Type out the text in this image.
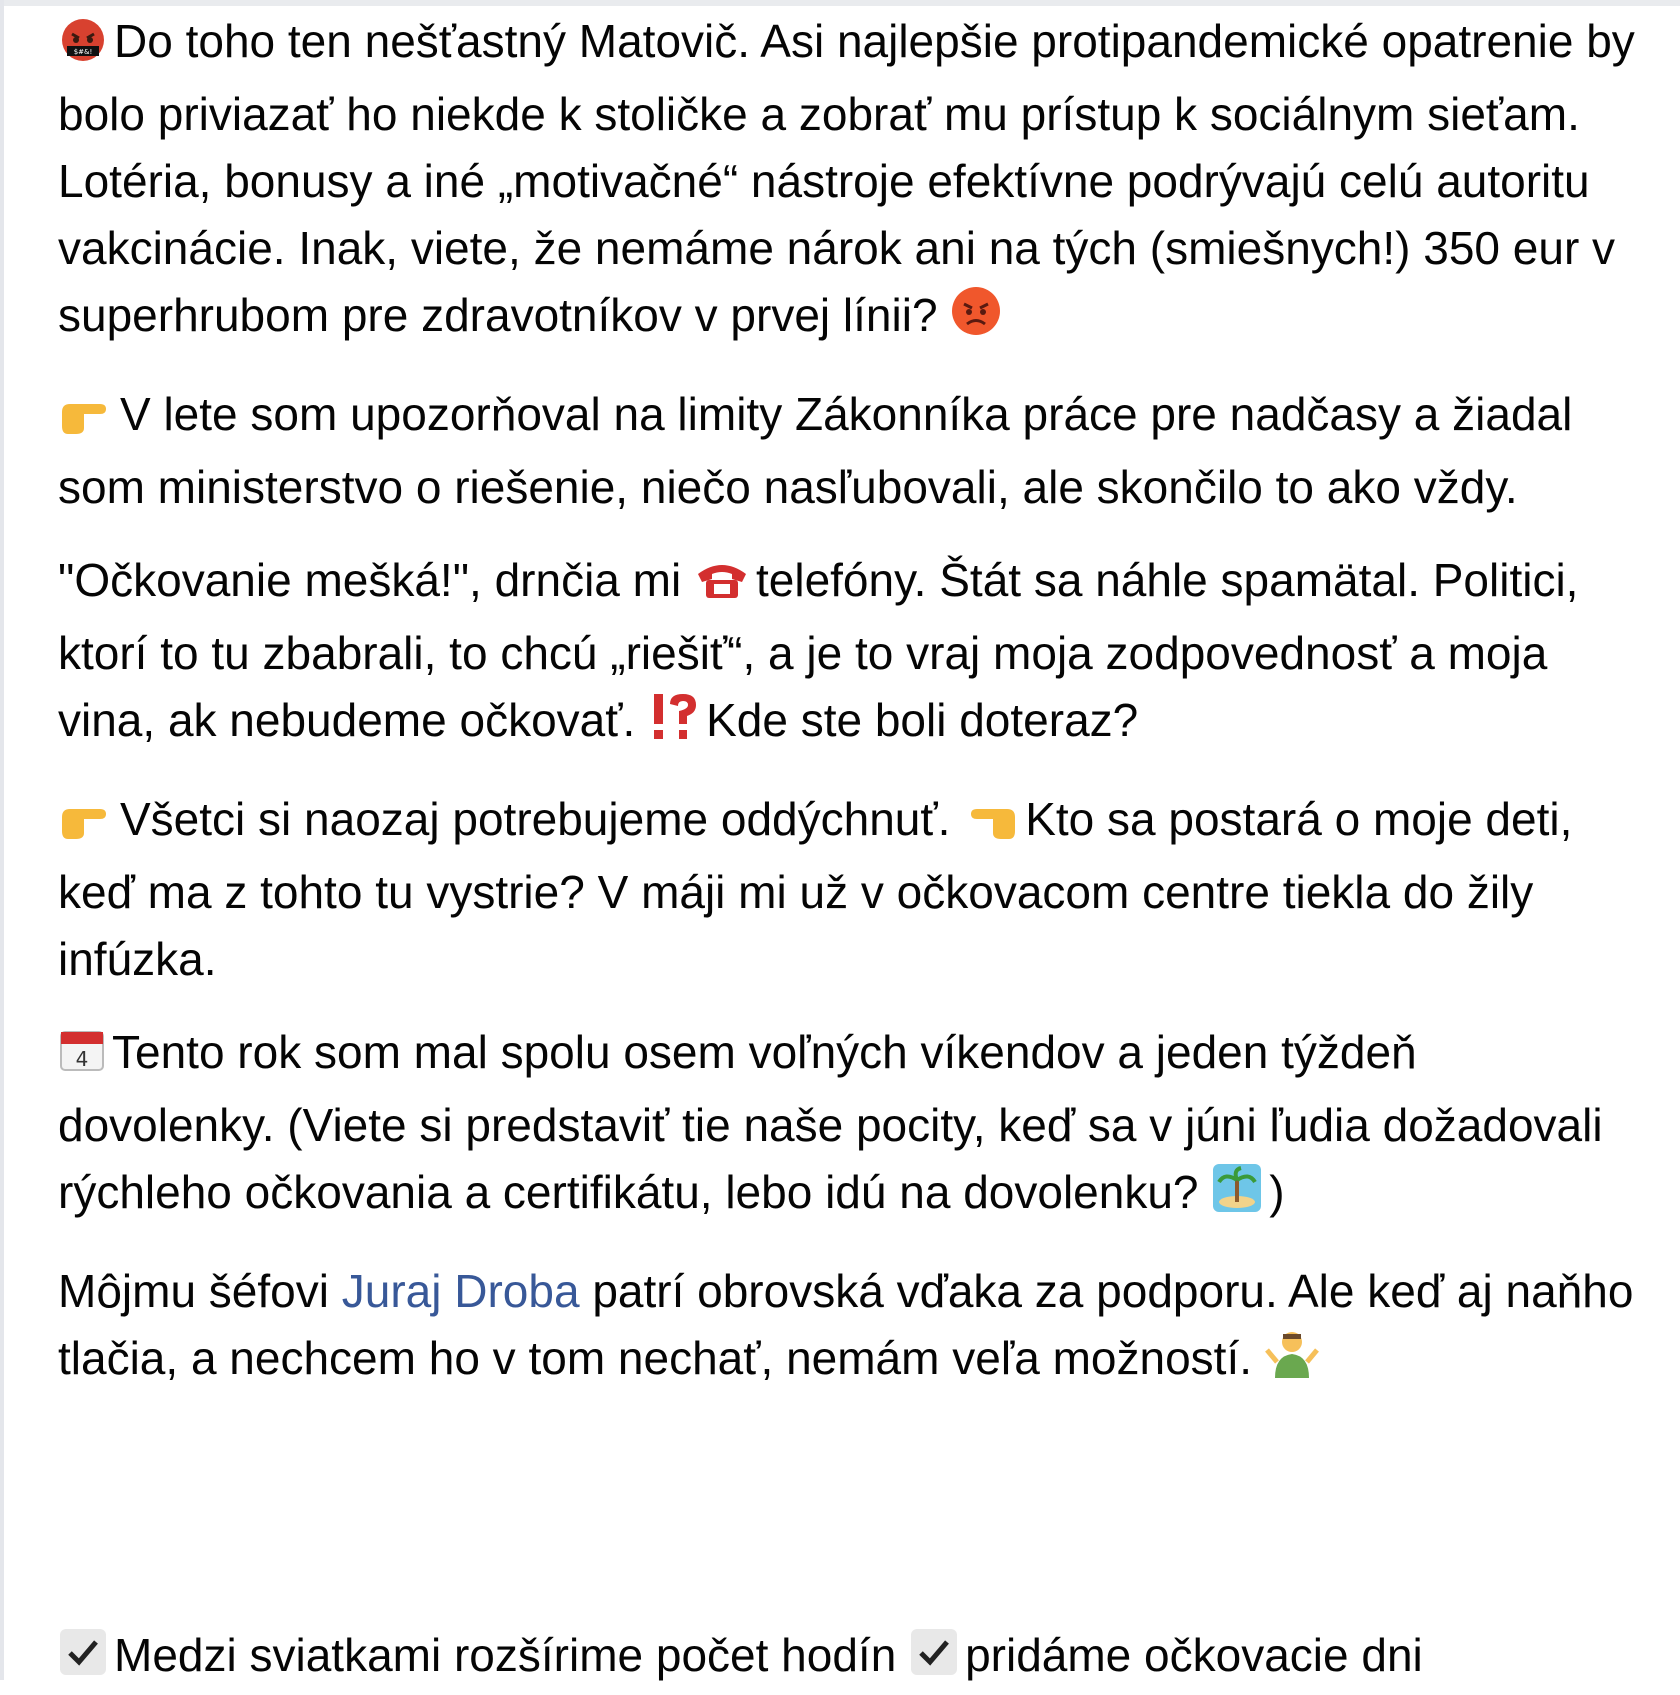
$#&! Do toho ten nešťastný Matovič. Asi najlepšie protipandemické opatrenie by bolo priviazať ho niekde k stoličke a zobrať mu prístup k sociálnym sieťam. Lotéria, bonusy a iné „motivačné“ nástroje efektívne podrývajú celú autoritu vakcinácie. Inak, viete, že nemáme nárok ani na tých (smiešnych!) 350 eur v superhrubom pre zdravotníkov v prvej línii?

V lete som upozorňoval na limity Zákonníka práce pre nadčasy a žiadal som ministerstvo o riešenie, niečo nasľubovali, ale skončilo to ako vždy.

"Očkovanie mešká!", drnčia mi telefóny. Štát sa náhle spamätal. Politici, ktorí to tu zbabrali, to chcú „riešiť“, a je to vraj moja zodpovednosť a moja vina, ak nebudeme očkovať. Kde ste boli doteraz?

Všetci si naozaj potrebujeme oddýchnuť. Kto sa postará o moje deti, keď ma z tohto tu vystrie? V máji mi už v očkovacom centre tiekla do žily infúzka.

4 Tento rok som mal spolu osem voľných víkendov a jeden týždeň dovolenky. (Viete si predstaviť tie naše pocity, keď sa v júni ľudia dožadovali rýchleho očkovania a certifikátu, lebo idú na dovolenku? )

Môjmu šéfovi Juraj Droba patrí obrovská vďaka za podporu. Ale keď aj naňho tlačia, a nechcem ho v tom nechať, nemám veľa možností.

Medzi sviatkami rozšírime počet hodín pridáme očkovacie dni
